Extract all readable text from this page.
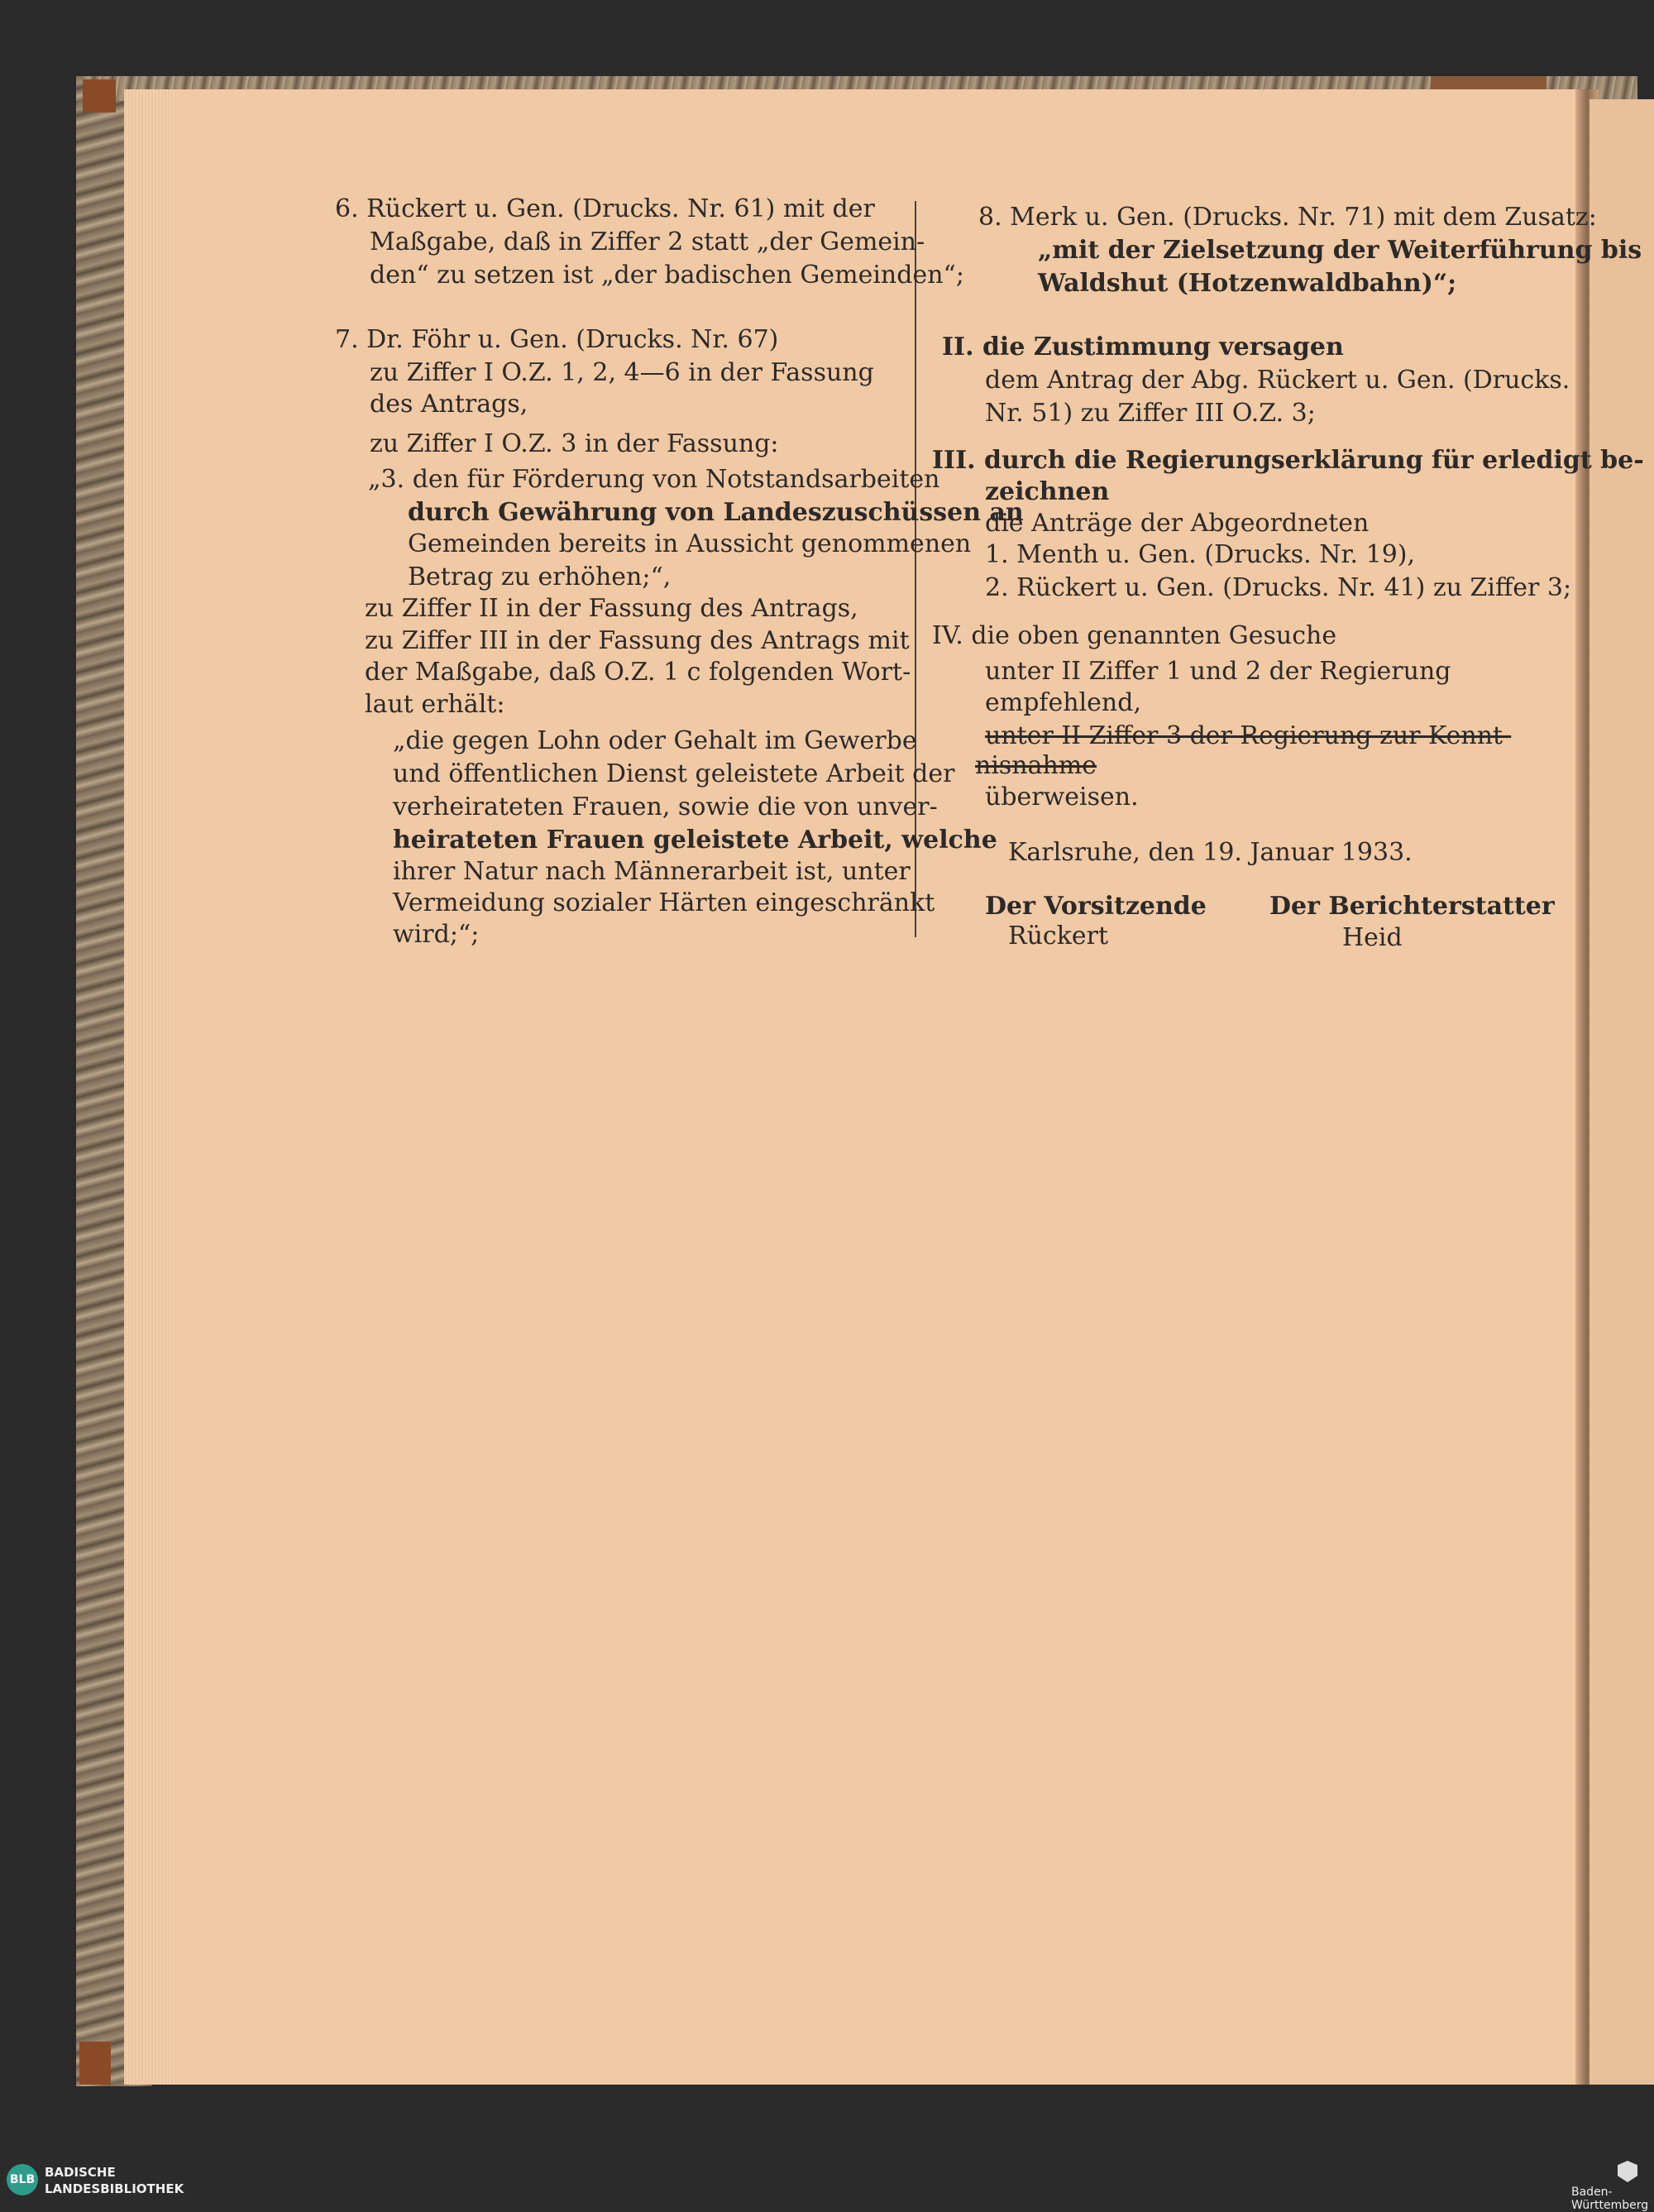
6. Rückert u. Gen. (Drucks. Nr. 61) mit der
Maßgabe, daß in Ziffer 2 statt „der Gemein-
den“ zu setzen ist „der badischen Gemeinden“;
7. Dr. Föhr u. Gen. (Drucks. Nr. 67)
zu Ziffer I O.Z. 1, 2, 4—6 in der Fassung
des Antrags,
zu Ziffer I O.Z. 3 in der Fassung:
„3. den für Förderung von Notstandsarbeiten
durch Gewährung von Landeszuschüssen an
Gemeinden bereits in Aussicht genommenen
Betrag zu erhöhen;“,
zu Ziffer II in der Fassung des Antrags,
zu Ziffer III in der Fassung des Antrags mit
der Maßgabe, daß O.Z. 1 c folgenden Wort-
laut erhält:
„die gegen Lohn oder Gehalt im Gewerbe
und öffentlichen Dienst geleistete Arbeit der
verheirateten Frauen, sowie die von unver-
heirateten Frauen geleistete Arbeit, welche
ihrer Natur nach Männerarbeit ist, unter
Vermeidung sozialer Härten eingeschränkt
wird;“;
8. Merk u. Gen. (Drucks. Nr. 71) mit dem Zusatz:
„mit der Zielsetzung der Weiterführung bis
Waldshut (Hotzenwaldbahn)“;
II. die Zustimmung versagen
dem Antrag der Abg. Rückert u. Gen. (Drucks.
Nr. 51) zu Ziffer III O.Z. 3;
III. durch die Regierungserklärung für erledigt be-
zeichnen
die Anträge der Abgeordneten
1. Menth u. Gen. (Drucks. Nr. 19),
2. Rückert u. Gen. (Drucks. Nr. 41) zu Ziffer 3;
IV. die oben genannten Gesuche
unter II Ziffer 1 und 2 der Regierung
empfehlend,
unter II Ziffer 3 der Regierung zur Kennt-
nisnahme
überweisen.
Karlsruhe, den 19. Januar 1933.
Der Vorsitzende
Rückert
Der Berichterstatter
Heid
BLB BADISCHE
LANDESBIBLIOTHEK	Baden-Württemberg
